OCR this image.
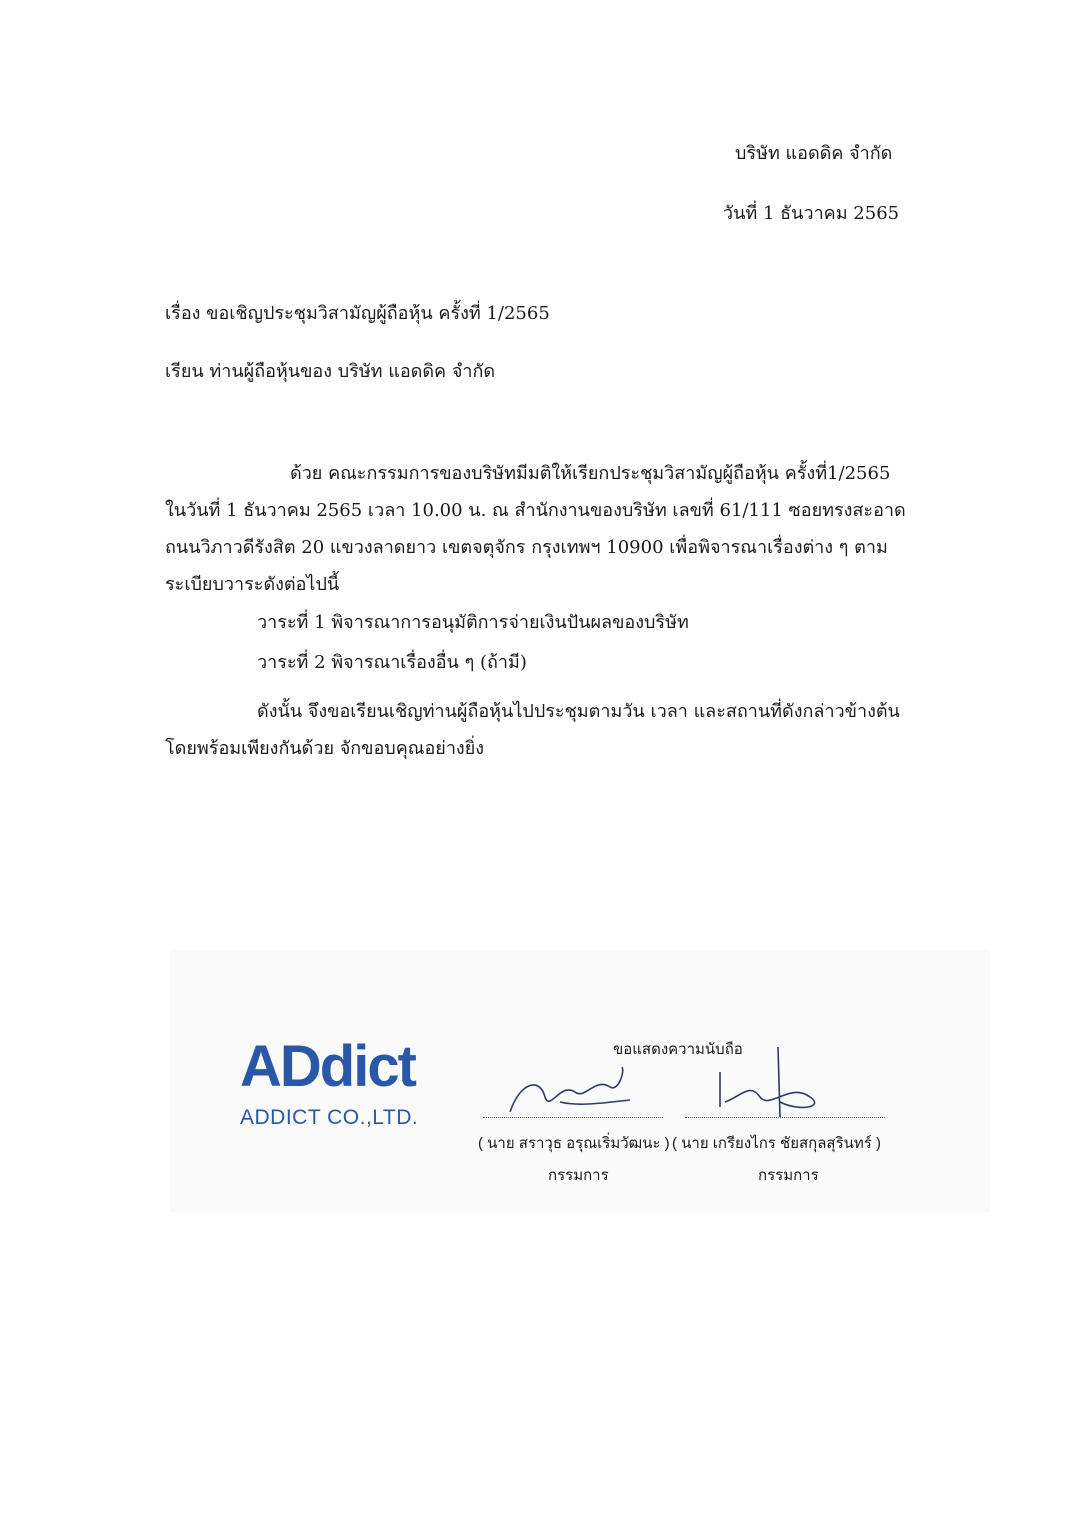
บริษัท แอดดิค จำกัด
วันที่ 1 ธันวาคม 2565
เรื่อง ขอเชิญประชุมวิสามัญผู้ถือหุ้น ครั้งที่ 1/2565
เรียน ท่านผู้ถือหุ้นของ บริษัท แอดดิค จำกัด

ด้วย คณะกรรมการของบริษัทมีมติให้เรียกประชุมวิสามัญผู้ถือหุ้น ครั้งที่1/2565

ในวันที่ 1 ธันวาคม 2565 เวลา 10.00 น. ณ สำนักงานของบริษัท เลขที่ 61/111 ซอยทรงสะอาด

ถนนวิภาวดีรังสิต 20 แขวงลาดยาว เขตจตุจักร กรุงเทพฯ 10900 เพื่อพิจารณาเรื่องต่าง ๆ ตาม

ระเบียบวาระดังต่อไปนี้

วาระที่ 1 พิจารณาการอนุมัติการจ่ายเงินปันผลของบริษัท

วาระที่ 2 พิจารณาเรื่องอื่น ๆ (ถ้ามี)

ดังนั้น จึงขอเรียนเชิญท่านผู้ถือหุ้นไปประชุมตามวัน เวลา และสถานที่ดังกล่าวข้างต้น

โดยพร้อมเพียงกันด้วย จักขอบคุณอย่างยิ่ง

ADdict
ADDICT CO.,LTD.
ขอแสดงความนับถือ
( นาย สราวุธ อรุณเริ่มวัฒนะ ) ( นาย เกรียงไกร ชัยสกุลสุรินทร์ )
กรรมการ	กรรมการ
